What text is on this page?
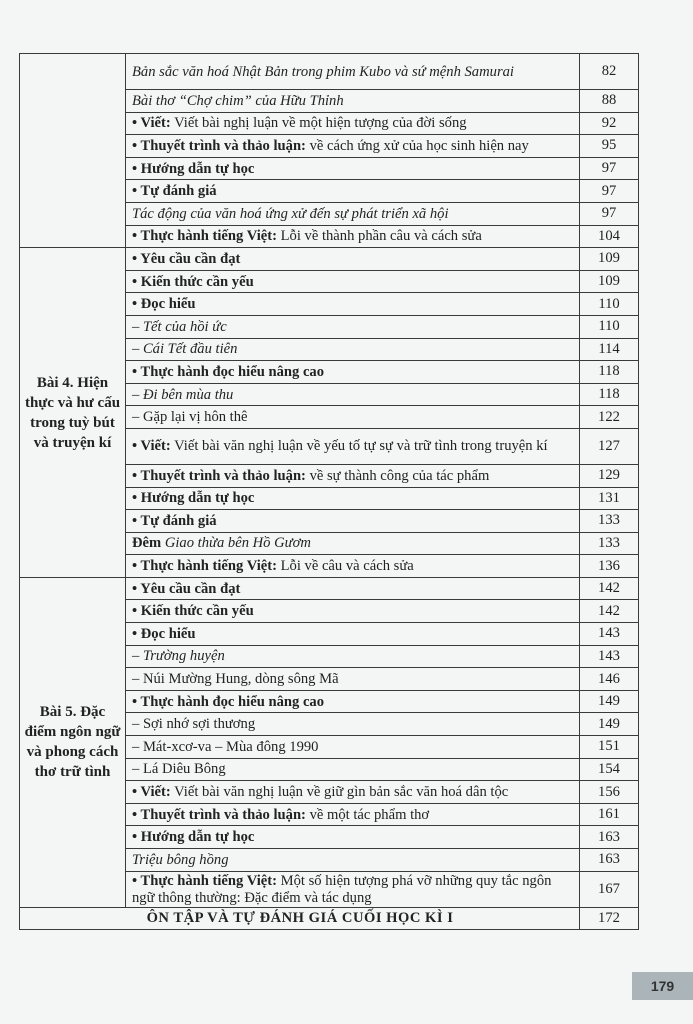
	Bản sắc văn hoá Nhật Bản trong phim Kubo và sứ mệnh Samurai	82
	Bài thơ “Chợ chim” của Hữu Thỉnh	88
	• Viết: Viết bài nghị luận về một hiện tượng của đời sống	92
	• Thuyết trình và thảo luận: về cách ứng xử của học sinh hiện nay	95
	• Hướng dẫn tự học	97
	• Tự đánh giá	97
	Tác động của văn hoá ứng xử đến sự phát triển xã hội	97
	• Thực hành tiếng Việt: Lỗi về thành phần câu và cách sửa	104
Bài 4. Hiện thực và hư cấu trong tuỳ bút và truyện kí	• Yêu cầu cần đạt	109
	• Kiến thức cần yếu	109
	• Đọc hiểu	110
	– Tết của hồi ức	110
	– Cái Tết đầu tiên	114
	• Thực hành đọc hiểu nâng cao	118
	– Đi bên mùa thu	118
	– Gặp lại vị hôn thê	122
	• Viết: Viết bài văn nghị luận về yếu tố tự sự và trữ tình trong truyện kí	127
	• Thuyết trình và thảo luận: về sự thành công của tác phẩm	129
	• Hướng dẫn tự học	131
	• Tự đánh giá	133
	Đêm Giao thừa bên Hồ Gươm	133
	• Thực hành tiếng Việt: Lỗi về câu và cách sửa	136
Bài 5. Đặc điểm ngôn ngữ và phong cách thơ trữ tình	• Yêu cầu cần đạt	142
	• Kiến thức cần yếu	142
	• Đọc hiểu	143
	– Trường huyện	143
	– Núi Mường Hung, dòng sông Mã	146
	• Thực hành đọc hiểu nâng cao	149
	– Sợi nhớ sợi thương	149
	– Mát-xcơ-va – Mùa đông 1990	151
	– Lá Diêu Bông	154
	• Viết: Viết bài văn nghị luận về giữ gìn bản sắc văn hoá dân tộc	156
	• Thuyết trình và thảo luận: về một tác phẩm thơ	161
	• Hướng dẫn tự học	163
	Triệu bông hồng	163
	• Thực hành tiếng Việt: Một số hiện tượng phá vỡ những quy tắc ngôn ngữ thông thường: Đặc điểm và tác dụng	167
ÔN TẬP VÀ TỰ ĐÁNH GIÁ CUỐI HỌC KÌ I		172
179
